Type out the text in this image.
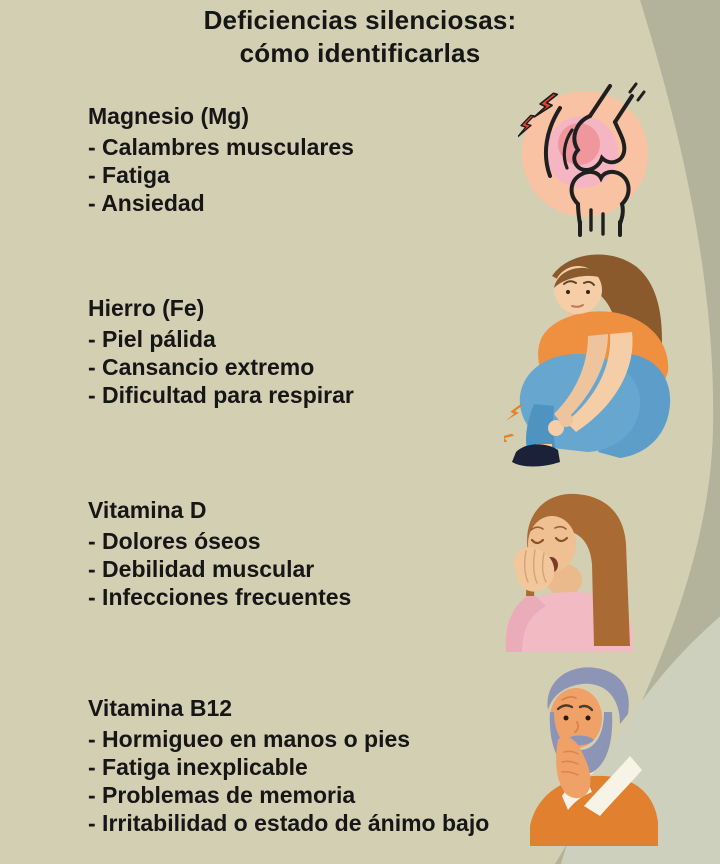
Deficiencias silenciosas:
cómo identificarlas
Magnesio (Mg)
- Calambres musculares
- Fatiga
- Ansiedad
Hierro (Fe)
- Piel pálida
- Cansancio extremo
- Dificultad para respirar
Vitamina D
- Dolores óseos
- Debilidad muscular
- Infecciones frecuentes
Vitamina B12
- Hormigueo en manos o pies
- Fatiga inexplicable
- Problemas de memoria
- Irritabilidad o estado de ánimo bajo
